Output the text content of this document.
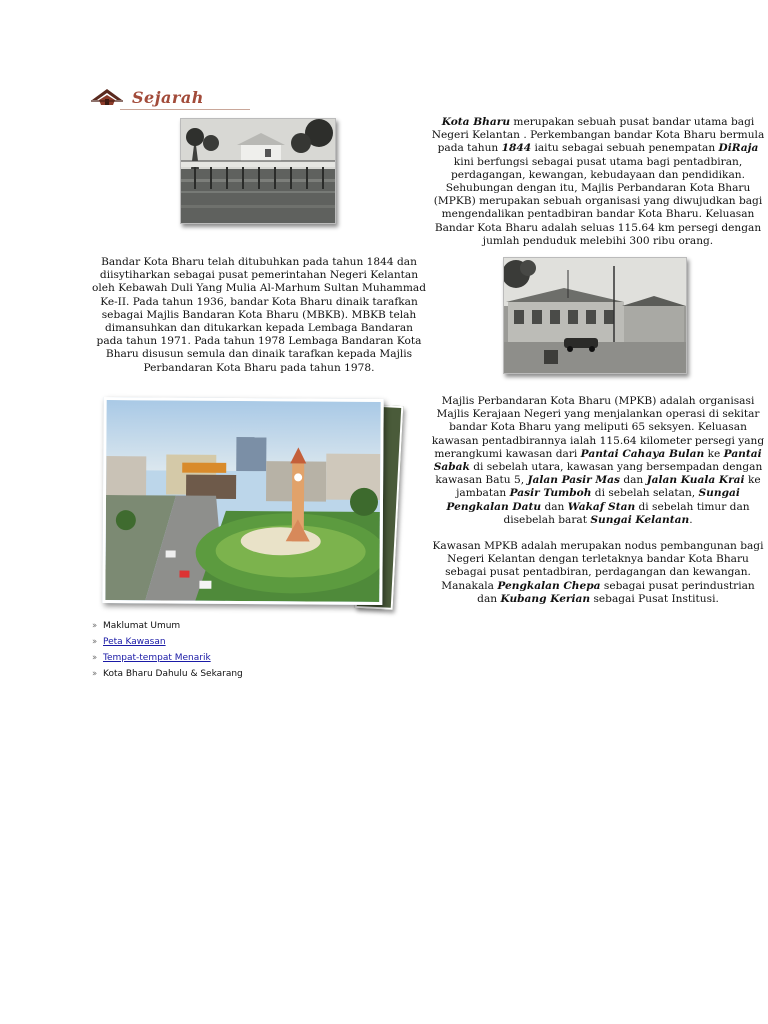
Sejarah
Kota Bharu merupakan sebuah pusat bandar utama bagi Negeri Kelantan . Perkembangan bandar Kota Bharu bermula pada tahun 1844 iaitu sebagai sebuah penempatan DiRaja kini berfungsi sebagai pusat utama bagi pentadbiran, perdagangan, kewangan, kebudayaan dan pendidikan. Sehubungan dengan itu, Majlis Perbandaran Kota Bharu (MPKB) merupakan sebuah organisasi yang diwujudkan bagi mengendalikan pentadbiran bandar Kota Bharu. Keluasan Bandar Kota Bharu adalah seluas 115.64 km persegi dengan jumlah penduduk melebihi 300 ribu orang.
Bandar Kota Bharu telah ditubuhkan pada tahun 1844 dan diisytiharkan sebagai pusat pemerintahan Negeri Kelantan oleh Kebawah Duli Yang Mulia Al-Marhum Sultan Muhammad Ke-II. Pada tahun 1936, bandar Kota Bharu dinaik tarafkan sebagai Majlis Bandaran Kota Bharu (MBKB). MBKB telah dimansuhkan dan ditukarkan kepada Lembaga Bandaran pada tahun 1971. Pada tahun 1978 Lembaga Bandaran Kota Bharu disusun semula dan dinaik tarafkan kepada Majlis Perbandaran Kota Bharu pada tahun 1978.
Majlis Perbandaran Kota Bharu (MPKB) adalah organisasi Majlis Kerajaan Negeri yang menjalankan operasi di sekitar bandar Kota Bharu yang meliputi 65 seksyen. Keluasan kawasan pentadbirannya ialah 115.64 kilometer persegi yang merangkumi kawasan dari Pantai Cahaya Bulan ke Pantai Sabak di sebelah utara, kawasan yang bersempadan dengan kawasan Batu 5, Jalan Pasir Mas dan Jalan Kuala Krai ke jambatan Pasir Tumboh di sebelah selatan, Sungai Pengkalan Datu dan Wakaf Stan di sebelah timur dan disebelah barat Sungai Kelantan.
Kawasan MPKB adalah merupakan nodus pembangunan bagi Negeri Kelantan dengan terletaknya bandar Kota Bharu sebagai pusat pentadbiran, perdagangan dan kewangan. Manakala Pengkalan Chepa sebagai pusat perindustrian dan Kubang Kerian sebagai Pusat Institusi.
›› Maklumat Umum
›› Peta Kawasan
›› Tempat-tempat Menarik
›› Kota Bharu Dahulu & Sekarang
